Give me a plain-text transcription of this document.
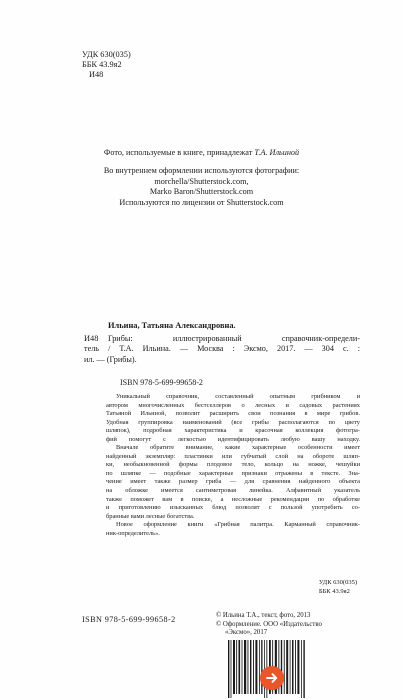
УДК 630(035)
ББК 43.9я2
И48
Фото, используемые в книге, принадлежат Т.А. Ильиной
Во внутреннем оформлении используются фотографии:
morchella/Shutterstock.com,
Marko Baron/Shutterstock.com
Используются по лицензии от Shutterstock.com
Ильина, Татьяна Александровна.
И48 Грибы: иллюстрированный справочник-определи-
тель / Т.А. Ильина. — Москва : Эксмо, 2017. — 304 с. :
ил. — (Грибы).
ISBN 978-5-699-99658-2
Уникальный справочник, составленный опытным грибником и
автором многочисленных бестселлеров о лесных и садовых растениях
Татьяной Ильиной, позволит расширить свои познания в мире грибов.
Удобная группировка наименований (все грибы располагаются по цвету
шляпок), подробная характеристика и красочная коллекция фотогра-
фий помогут с легкостью идентифицировать любую вашу находку.
Вначале обратите внимание, какие характерные особенности имеет
найденный экземпляр: пластинки или губчатый слой на обороте шляп-
ки, необыкновенной формы плодовое тело, кольцо на ножке, чешуйки
по шляпке — подобные характерные признаки отражены в тексте. Зна-
чение имеет также размер гриба — для сравнения найденного объекта
на обложке имеется сантиметровая линейка. Алфавитный указатель
также поможет вам в поиске, а несложные рекомендации по обработке
и приготовлению изысканных блюд позволят с пользой употребить со-
бранные вами лесные богатства.
Новое оформление книги «Грибная палитра. Карманный справочник-
ник-определитель».
УДК 630(035)
ББК 43.9я2
© Ильина Т.А., текст, фото, 2013
© Оформление. ООО «Издательство
«Эксмо», 2017
ISBN 978-5-699-99658-2
